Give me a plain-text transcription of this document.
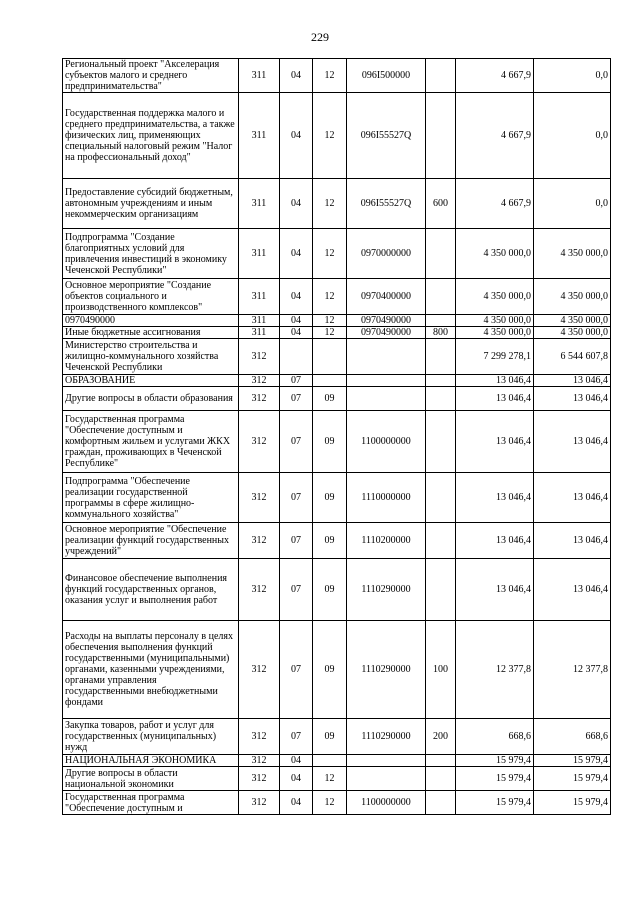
229
Региональный проект "Акселерация субъектов малого и среднего предпринимательства"	311	04	12	096I500000		4 667,9	0,0
Государственная поддержка малого и среднего предпринимательства, а также физических лиц, применяющих специальный налоговый режим "Налог на профессиональный доход"	311	04	12	096I55527Q		4 667,9	0,0
Предоставление субсидий бюджетным, автономным учреждениям и иным некоммерческим организациям	311	04	12	096I55527Q	600	4 667,9	0,0
Подпрограмма "Создание благоприятных условий для привлечения инвестиций в экономику Чеченской Республики"	311	04	12	0970000000		4 350 000,0	4 350 000,0
Основное мероприятие "Создание объектов социального и производственного комплексов"	311	04	12	0970400000		4 350 000,0	4 350 000,0
0970490000	311	04	12	0970490000		4 350 000,0	4 350 000,0
Иные бюджетные ассигнования	311	04	12	0970490000	800	4 350 000,0	4 350 000,0
Министерство строительства и жилищно-коммунального хозяйства Чеченской Республики	312					7 299 278,1	6 544 607,8
ОБРАЗОВАНИЕ	312	07				13 046,4	13 046,4
Другие вопросы в области образования	312	07	09			13 046,4	13 046,4
Государственная программа "Обеспечение доступным и комфортным жильем и услугами ЖКХ граждан, проживающих в Чеченской Республике"	312	07	09	1100000000		13 046,4	13 046,4
Подпрограмма "Обеспечение реализации государственной программы в сфере жилищно-коммунального хозяйства"	312	07	09	1110000000		13 046,4	13 046,4
Основное мероприятие "Обеспечение реализации функций государственных учреждений"	312	07	09	1110200000		13 046,4	13 046,4
Финансовое обеспечение выполнения функций государственных органов, оказания услуг и выполнения работ	312	07	09	1110290000		13 046,4	13 046,4
Расходы на выплаты персоналу в целях обеспечения выполнения функций государственными (муниципальными) органами, казенными учреждениями, органами управления государственными внебюджетными фондами	312	07	09	1110290000	100	12 377,8	12 377,8
Закупка товаров, работ и услуг для государственных (муниципальных) нужд	312	07	09	1110290000	200	668,6	668,6
НАЦИОНАЛЬНАЯ ЭКОНОМИКА	312	04				15 979,4	15 979,4
Другие вопросы в области национальной экономики	312	04	12			15 979,4	15 979,4
Государственная программа "Обеспечение доступным и	312	04	12	1100000000		15 979,4	15 979,4
